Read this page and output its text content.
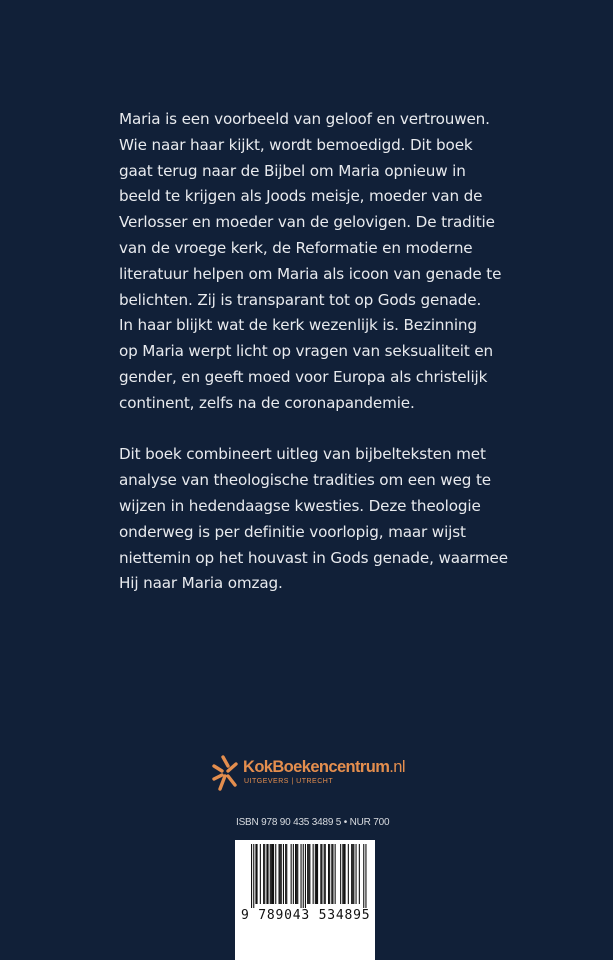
Maria is een voorbeeld van geloof en vertrouwen.
Wie naar haar kijkt, wordt bemoedigd. Dit boek
gaat terug naar de Bijbel om Maria opnieuw in
beeld te krijgen als Joods meisje, moeder van de
Verlosser en moeder van de gelovigen. De traditie
van de vroege kerk, de Reformatie en moderne
literatuur helpen om Maria als icoon van genade te
belichten. Zij is transparant tot op Gods genade.
In haar blijkt wat de kerk wezenlijk is. Bezinning
op Maria werpt licht op vragen van seksualiteit en
gender, en geeft moed voor Europa als christelijk
continent, zelfs na de coronapandemie.

Dit boek combineert uitleg van bijbelteksten met
analyse van theologische tradities om een weg te
wijzen in hedendaagse kwesties. Deze theologie
onderweg is per definitie voorlopig, maar wijst
niettemin op het houvast in Gods genade, waarmee
Hij naar Maria omzag.

KokBoekencentrum.nl
UITGEVERS | UTRECHT
ISBN 978 90 435 3489 5 • NUR 700
9 789043 534895
